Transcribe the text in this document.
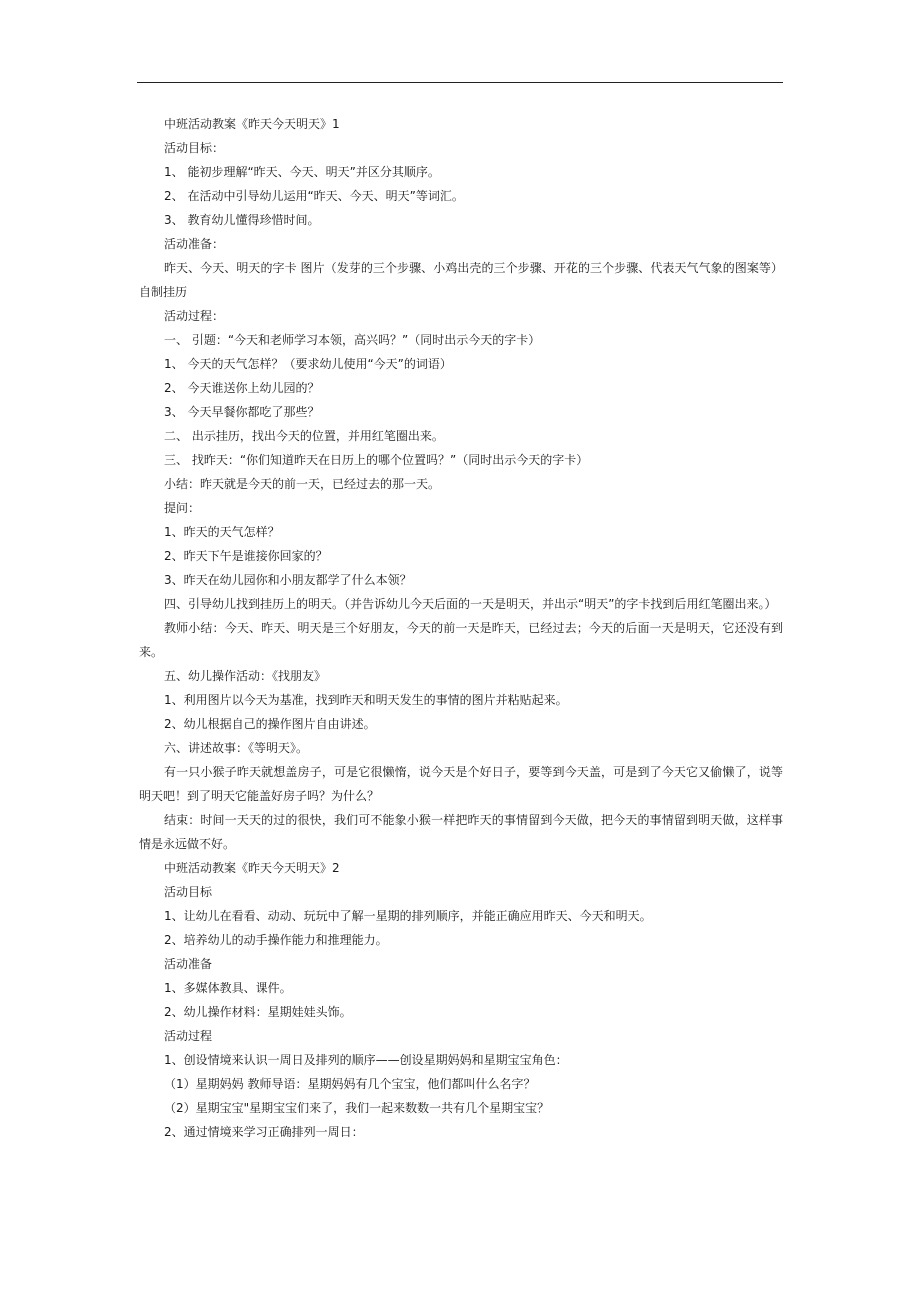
中班活动教案《昨天今天明天》1
活动目标：
1、 能初步理解“昨天、今天、明天”并区分其顺序。
2、 在活动中引导幼儿运用“昨天、今天、明天”等词汇。
3、 教育幼儿懂得珍惜时间。
活动准备：
昨天、今天、明天的字卡 图片（发芽的三个步骤、小鸡出壳的三个步骤、开花的三个步骤、代表天气气象的图案等） 自制挂历
活动过程：
一、 引题：“今天和老师学习本领，高兴吗？”（同时出示今天的字卡）
1、 今天的天气怎样？（要求幼儿使用“今天”的词语）
2、 今天谁送你上幼儿园的？
3、 今天早餐你都吃了那些？
二、 出示挂历，找出今天的位置，并用红笔圈出来。
三、 找昨天：“你们知道昨天在日历上的哪个位置吗？”（同时出示今天的字卡）
小结：昨天就是今天的前一天，已经过去的那一天。
提问：
1、昨天的天气怎样？
2、昨天下午是谁接你回家的？
3、昨天在幼儿园你和小朋友都学了什么本领？
四、引导幼儿找到挂历上的明天。（并告诉幼儿今天后面的一天是明天，并出示“明天”的字卡找到后用红笔圈出来。）
教师小结：今天、昨天、明天是三个好朋友，今天的前一天是昨天，已经过去；今天的后面一天是明天，它还没有到来。
五、幼儿操作活动：《找朋友》
1、利用图片以今天为基准，找到昨天和明天发生的事情的图片并粘贴起来。
2、幼儿根据自己的操作图片自由讲述。
六、讲述故事：《等明天》。
有一只小猴子昨天就想盖房子，可是它很懒惰，说今天是个好日子，要等到今天盖，可是到了今天它又偷懒了，说等明天吧！到了明天它能盖好房子吗？为什么？
结束：时间一天天的过的很快，我们可不能象小猴一样把昨天的事情留到今天做，把今天的事情留到明天做，这样事情是永远做不好。
中班活动教案《昨天今天明天》2
活动目标
1、让幼儿在看看、动动、玩玩中了解一星期的排列顺序，并能正确应用昨天、今天和明天。
2、培养幼儿的动手操作能力和推理能力。
活动准备
1、多媒体教具、课件。
2、幼儿操作材料：星期娃娃头饰。
活动过程
1、创设情境来认识一周日及排列的顺序——创设星期妈妈和星期宝宝角色：
（1）星期妈妈 教师导语：星期妈妈有几个宝宝，他们都叫什么名字？
（2）星期宝宝"星期宝宝们来了，我们一起来数数一共有几个星期宝宝？
2、通过情境来学习正确排列一周日：
